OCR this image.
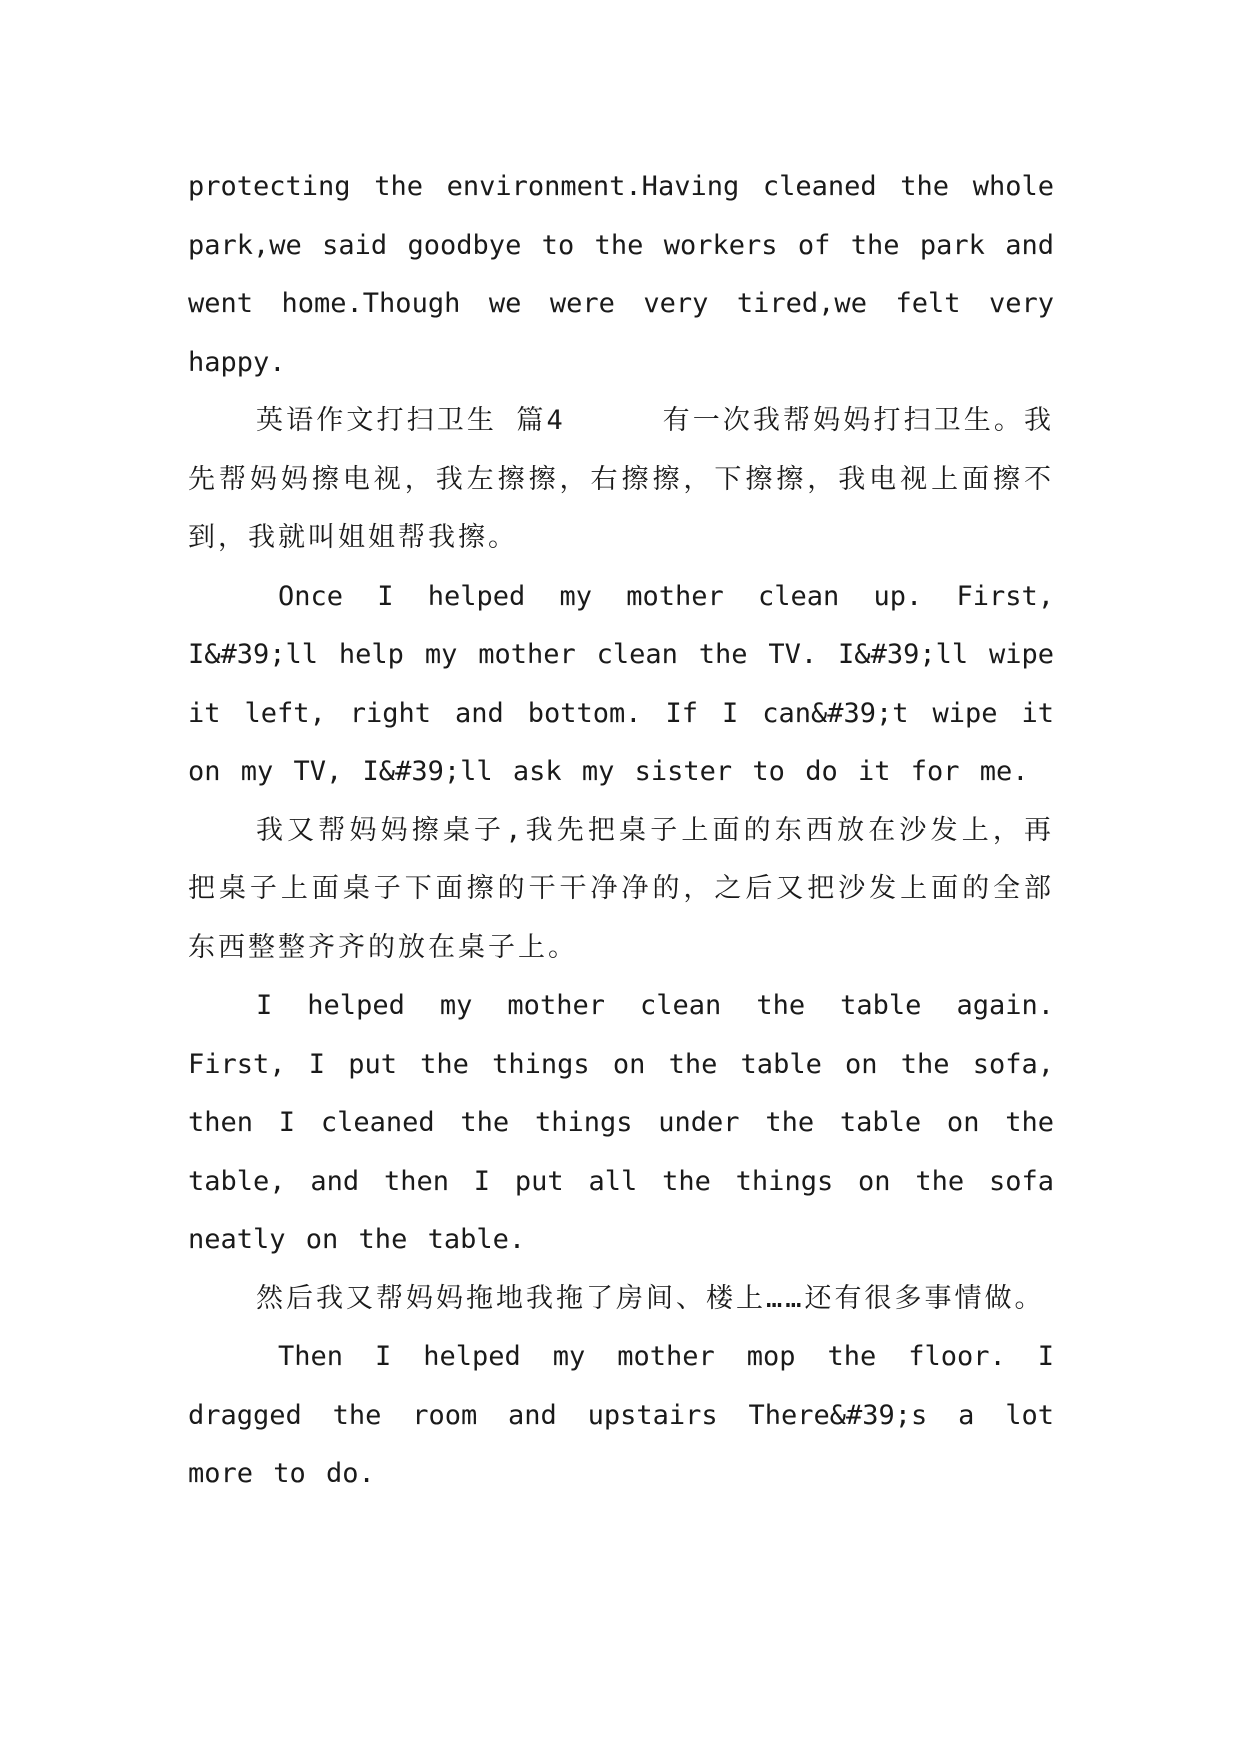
protecting the environment.Having cleaned the whole park,we said goodbye to the workers of the park and went home.Though we were very tired,we felt very happy.

英语作文打扫卫生 篇4	有一次我帮妈妈打扫卫生。我先帮妈妈擦电视，我左擦擦，右擦擦，下擦擦，我电视上面擦不到，我就叫姐姐帮我擦。

Once I helped my mother clean up. First, I&#39;ll help my mother clean the TV. I&#39;ll wipe it left, right and bottom. If I can&#39;t wipe it on my TV, I&#39;ll ask my sister to do it for me.

我又帮妈妈擦桌子,我先把桌子上面的东西放在沙发上，再把桌子上面桌子下面擦的干干净净的，之后又把沙发上面的全部东西整整齐齐的放在桌子上。

I helped my mother clean the table again. First, I put the things on the table on the sofa, then I cleaned the things under the table on the table, and then I put all the things on the sofa neatly on the table.

然后我又帮妈妈拖地我拖了房间、楼上……还有很多事情做。

Then I helped my mother mop the floor. I dragged the room and upstairs There&#39;s a lot more to do.
